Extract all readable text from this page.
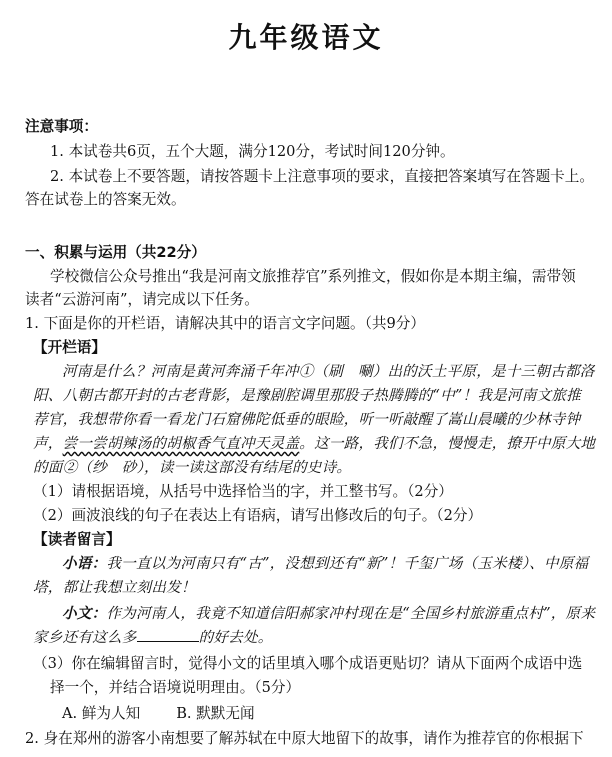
九年级语文
注意事项：
1. 本试卷共6页，五个大题，满分120分，考试时间120分钟。
2. 本试卷上不要答题，请按答题卡上注意事项的要求，直接把答案填写在答题卡上。
答在试卷上的答案无效。
一、积累与运用（共22分）
学校微信公众号推出“我是河南文旅推荐官”系列推文，假如你是本期主编，需带领
读者“云游河南”，请完成以下任务。
1. 下面是你的开栏语，请解决其中的语言文字问题。（共9分）
【开栏语】
河南是什么？河南是黄河奔涌千年冲①（刷　唰）出的沃土平原，是十三朝古都洛
阳、八朝古都开封的古老背影，是豫剧腔调里那股子热腾腾的“中”！我是河南文旅推
荐官，我想带你看一看龙门石窟佛陀低垂的眼睑，听一听敲醒了嵩山晨曦的少林寺钟
声，尝一尝胡辣汤的胡椒香气直冲天灵盖。这一路，我们不急，慢慢走，撩开中原大地
的面②（纱　砂），读一读这部没有结尾的史诗。
（1）请根据语境，从括号中选择恰当的字，并工整书写。（2分）
（2）画波浪线的句子在表达上有语病，请写出修改后的句子。（2分）
【读者留言】
小语：我一直以为河南只有“古”，没想到还有“新”！千玺广场（玉米楼）、中原福
塔，都让我想立刻出发！
小文：作为河南人，我竟不知道信阳郝家冲村现在是“全国乡村旅游重点村”，原来
家乡还有这么多	的好去处。
（3）你在编辑留言时，觉得小文的话里填入哪个成语更贴切？请从下面两个成语中选
择一个，并结合语境说明理由。（5分）
A. 鲜为人知 B. 默默无闻
2. 身在郑州的游客小南想要了解苏轼在中原大地留下的故事，请作为推荐官的你根据下
